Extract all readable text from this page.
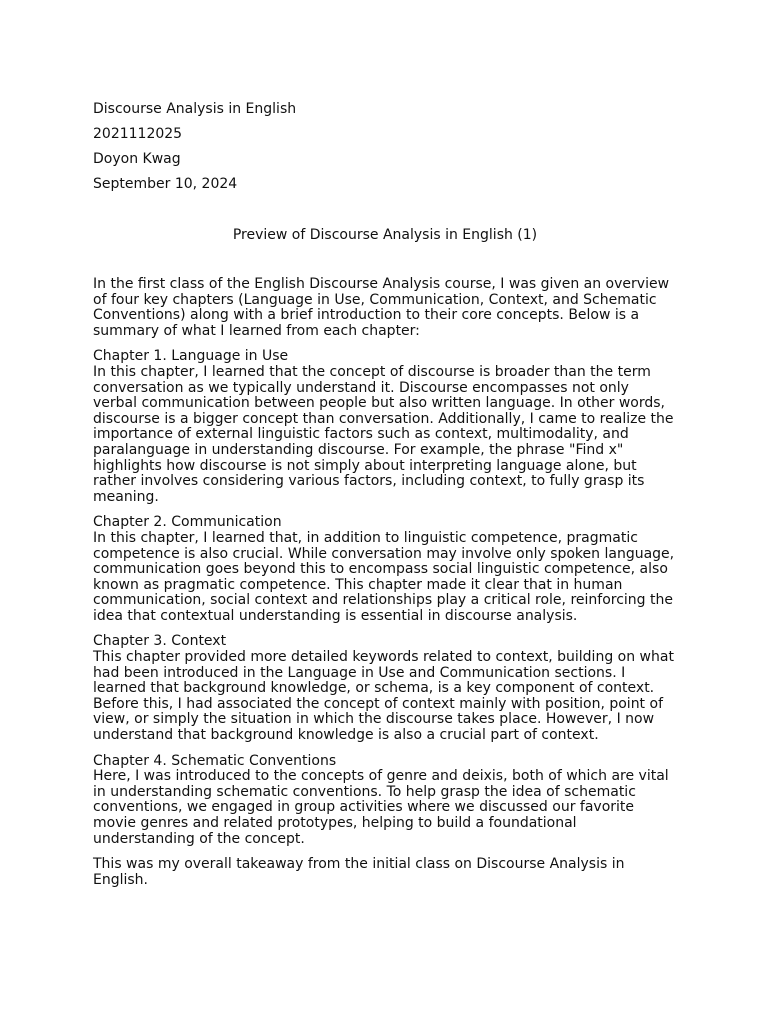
Discourse Analysis in English

2021112025

Doyon Kwag

September 10, 2024

Preview of Discourse Analysis in English (1)

In the first class of the English Discourse Analysis course, I was given an overview of four key chapters (Language in Use, Communication, Context, and Schematic Conventions) along with a brief introduction to their core concepts. Below is a summary of what I learned from each chapter:

Chapter 1. Language in Use
In this chapter, I learned that the concept of discourse is broader than the term conversation as we typically understand it. Discourse encompasses not only verbal communication between people but also written language. In other words, discourse is a bigger concept than conversation. Additionally, I came to realize the importance of external linguistic factors such as context, multimodality, and paralanguage in understanding discourse. For example, the phrase "Find x" highlights how discourse is not simply about interpreting language alone, but rather involves considering various factors, including context, to fully grasp its meaning.
Chapter 2. Communication
In this chapter, I learned that, in addition to linguistic competence, pragmatic competence is also crucial. While conversation may involve only spoken language, communication goes beyond this to encompass social linguistic competence, also known as pragmatic competence. This chapter made it clear that in human communication, social context and relationships play a critical role, reinforcing the idea that contextual understanding is essential in discourse analysis.
Chapter 3. Context
This chapter provided more detailed keywords related to context, building on what had been introduced in the Language in Use and Communication sections. I learned that background knowledge, or schema, is a key component of context. Before this, I had associated the concept of context mainly with position, point of view, or simply the situation in which the discourse takes place. However, I now understand that background knowledge is also a crucial part of context.
Chapter 4. Schematic Conventions
Here, I was introduced to the concepts of genre and deixis, both of which are vital in understanding schematic conventions. To help grasp the idea of schematic conventions, we engaged in group activities where we discussed our favorite movie genres and related prototypes, helping to build a foundational understanding of the concept.

This was my overall takeaway from the initial class on Discourse Analysis in English.
